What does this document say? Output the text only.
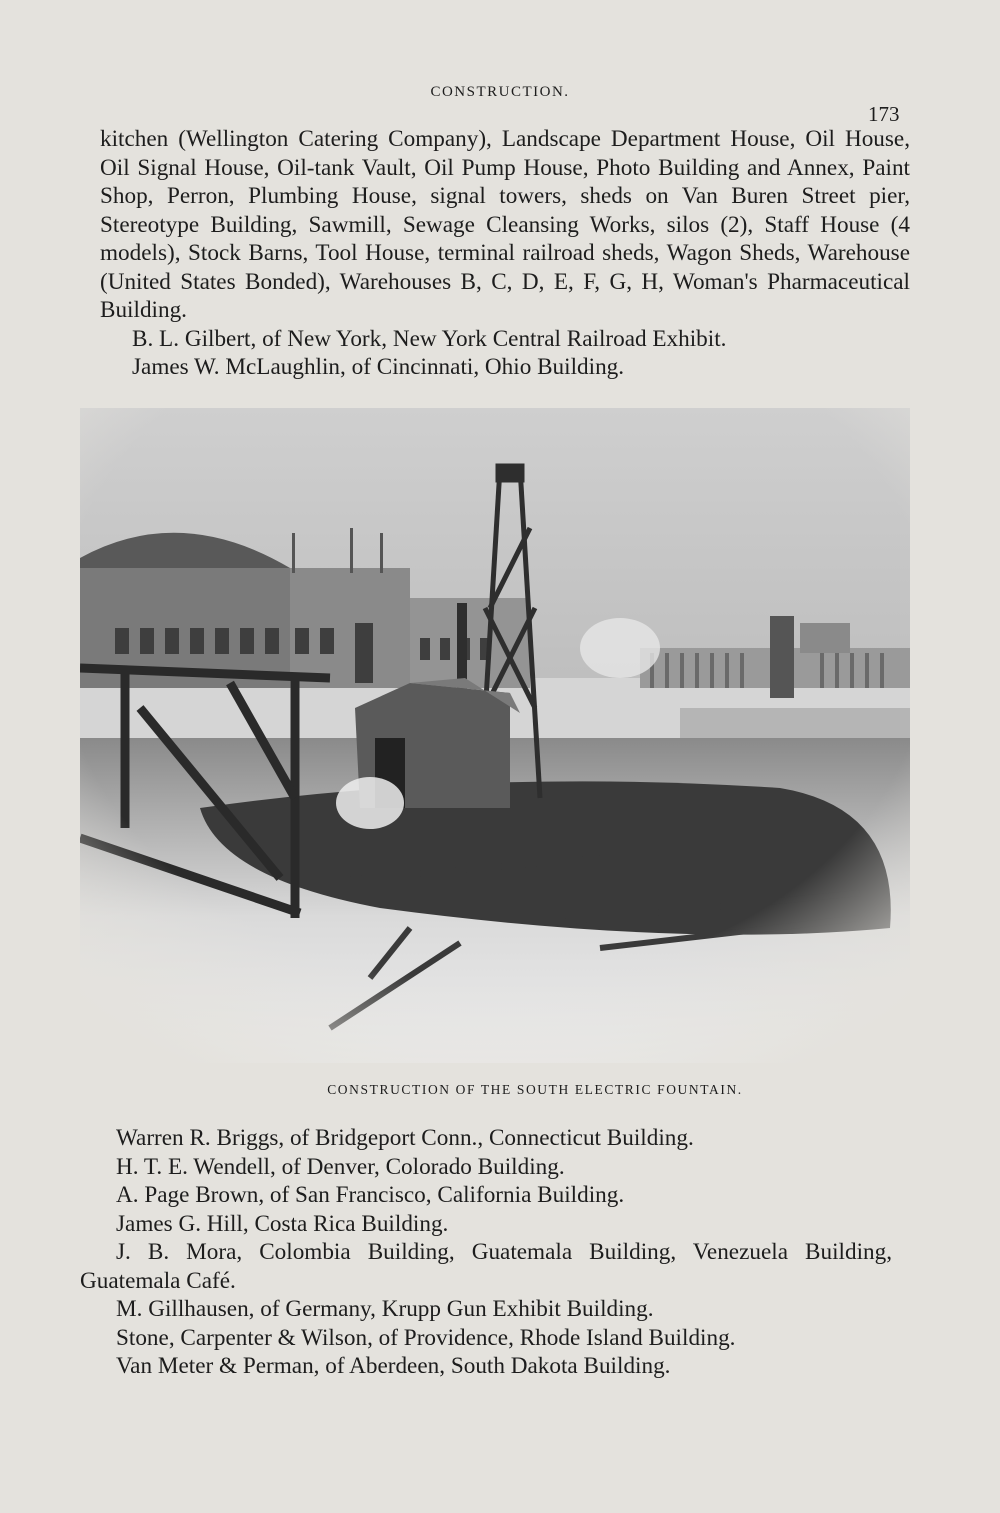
CONSTRUCTION.
173

kitchen (Wellington Catering Company), Landscape Department House, Oil House, Oil Signal House, Oil-tank Vault, Oil Pump House, Photo Building and Annex, Paint Shop, Perron, Plumbing House, signal towers, sheds on Van Buren Street pier, Stereotype Building, Sawmill, Sewage Cleansing Works, silos (2), Staff House (4 models), Stock Barns, Tool House, terminal railroad sheds, Wagon Sheds, Warehouse (United States Bonded), Warehouses B, C, D, E, F, G, H, Woman's Pharmaceutical Building.

B. L. Gilbert, of New York, New York Central Railroad Exhibit.

James W. McLaughlin, of Cincinnati, Ohio Building.

CONSTRUCTION OF THE SOUTH ELECTRIC FOUNTAIN.

Warren R. Briggs, of Bridgeport Conn., Connecticut Building.

H. T. E. Wendell, of Denver, Colorado Building.

A. Page Brown, of San Francisco, California Building.

James G. Hill, Costa Rica Building.

J. B. Mora, Colombia Building, Guatemala Building, Venezuela Building, Guatemala Café.

M. Gillhausen, of Germany, Krupp Gun Exhibit Building.

Stone, Carpenter & Wilson, of Providence, Rhode Island Building.

Van Meter & Perman, of Aberdeen, South Dakota Building.
